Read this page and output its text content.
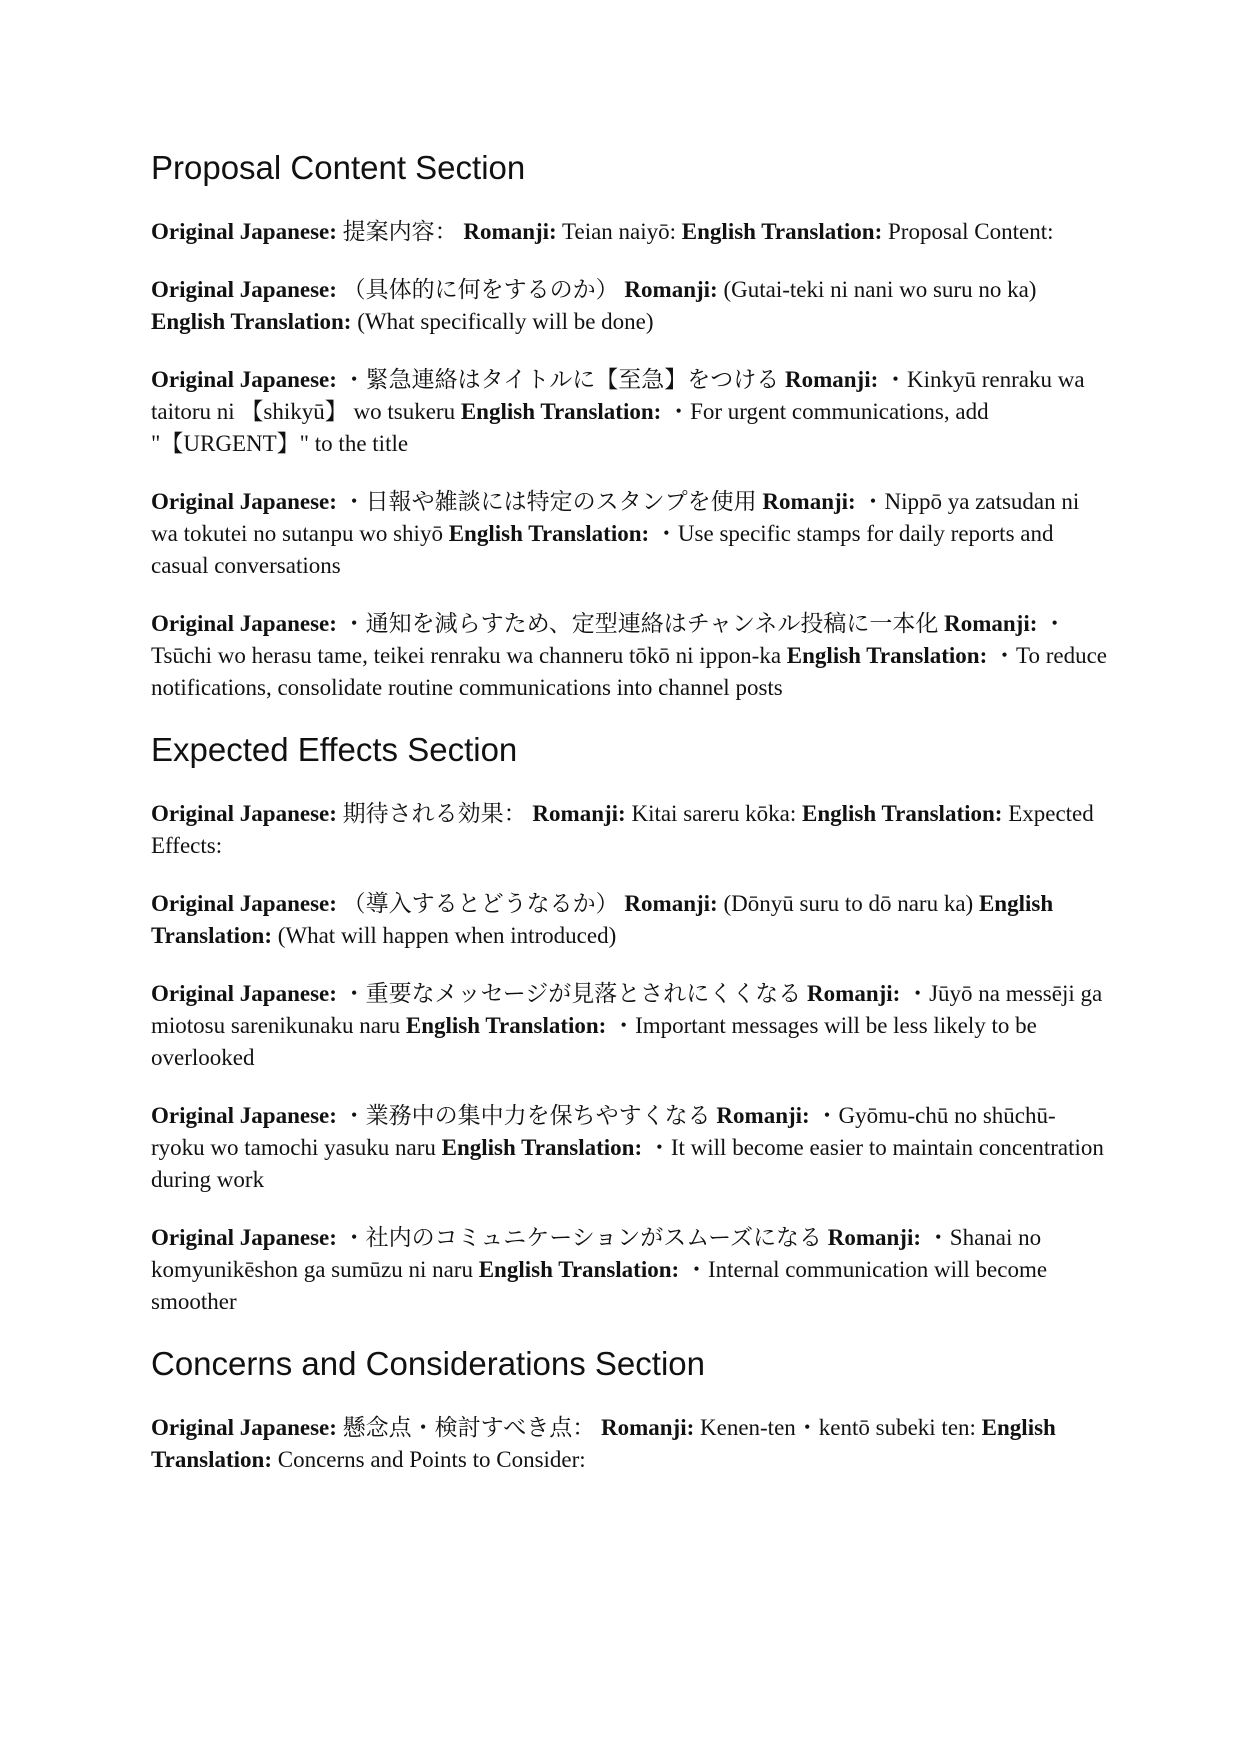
Proposal Content Section

Original Japanese: 提案内容： Romanji: Teian naiyō: English Translation: Proposal Content:

Original Japanese: （具体的に何をするのか） Romanji: (Gutai-teki ni nani wo suru no ka) English Translation: (What specifically will be done)

Original Japanese: ・緊急連絡はタイトルに【至急】をつける Romanji: ・Kinkyū renraku wa taitoru ni 【shikyū】 wo tsukeru English Translation: ・For urgent communications, add "【URGENT】" to the title

Original Japanese: ・日報や雑談には特定のスタンプを使用 Romanji: ・Nippō ya zatsudan ni wa tokutei no sutanpu wo shiyō English Translation: ・Use specific stamps for daily reports and casual conversations

Original Japanese: ・通知を減らすため、定型連絡はチャンネル投稿に一本化 Romanji: ・Tsūchi wo herasu tame, teikei renraku wa channeru tōkō ni ippon-ka English Translation: ・To reduce notifications, consolidate routine communications into channel posts

Expected Effects Section

Original Japanese: 期待される効果： Romanji: Kitai sareru kōka: English Translation: Expected Effects:

Original Japanese: （導入するとどうなるか） Romanji: (Dōnyū suru to dō naru ka) English Translation: (What will happen when introduced)

Original Japanese: ・重要なメッセージが見落とされにくくなる Romanji: ・Jūyō na messēji ga miotosu sarenikunaku naru English Translation: ・Important messages will be less likely to be overlooked

Original Japanese: ・業務中の集中力を保ちやすくなる Romanji: ・Gyōmu-chū no shūchū-ryoku wo tamochi yasuku naru English Translation: ・It will become easier to maintain concentration during work

Original Japanese: ・社内のコミュニケーションがスムーズになる Romanji: ・Shanai no komyunikēshon ga sumūzu ni naru English Translation: ・Internal communication will become smoother

Concerns and Considerations Section

Original Japanese: 懸念点・検討すべき点： Romanji: Kenen-ten・kentō subeki ten: English Translation: Concerns and Points to Consider:
